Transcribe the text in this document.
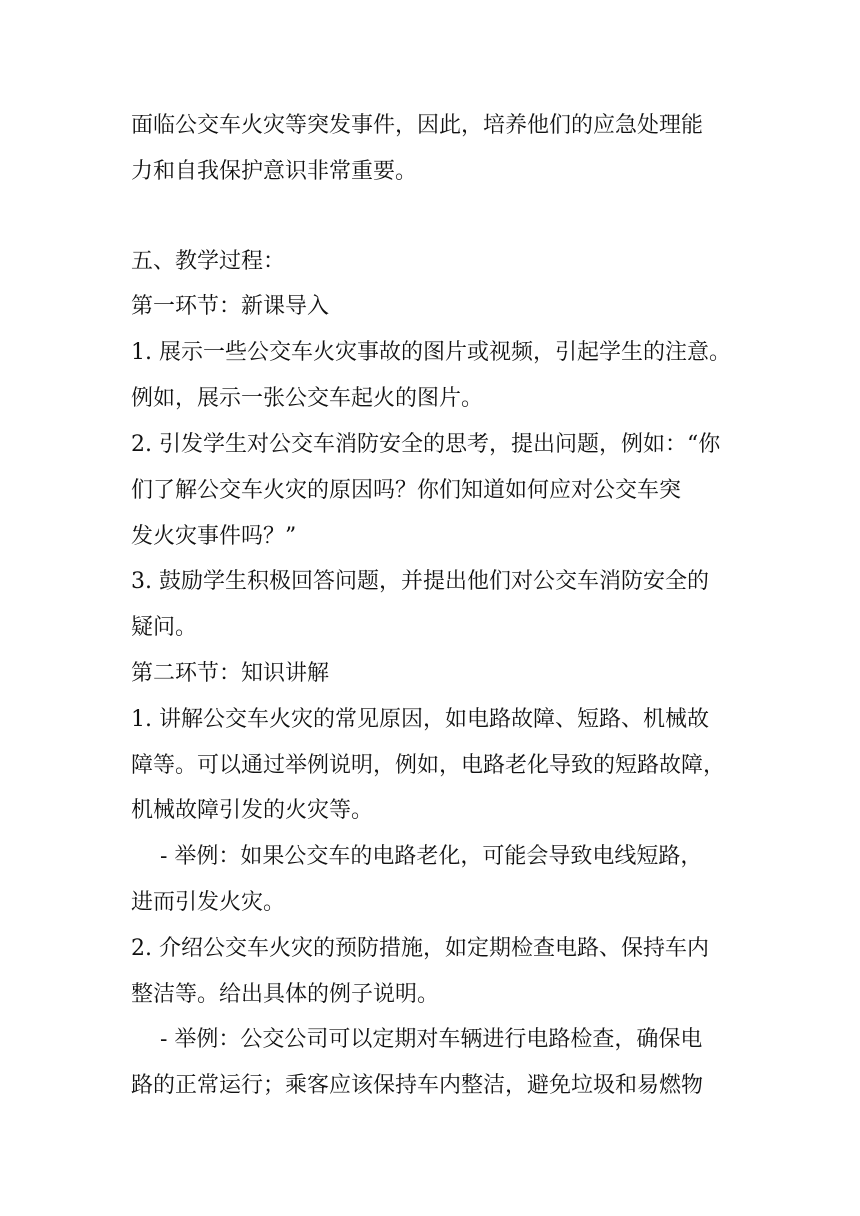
面临公交车火灾等突发事件，因此，培养他们的应急处理能
力和自我保护意识非常重要。
五、教学过程：
第一环节：新课导入
1. 展示一些公交车火灾事故的图片或视频，引起学生的注意。
例如，展示一张公交车起火的图片。
2. 引发学生对公交车消防安全的思考，提出问题，例如：“你
们了解公交车火灾的原因吗？你们知道如何应对公交车突
发火灾事件吗？”
3. 鼓励学生积极回答问题，并提出他们对公交车消防安全的
疑问。
第二环节：知识讲解
1. 讲解公交车火灾的常见原因，如电路故障、短路、机械故
障等。可以通过举例说明，例如，电路老化导致的短路故障，
机械故障引发的火灾等。
- 举例：如果公交车的电路老化，可能会导致电线短路，
进而引发火灾。
2. 介绍公交车火灾的预防措施，如定期检查电路、保持车内
整洁等。给出具体的例子说明。
- 举例：公交公司可以定期对车辆进行电路检查，确保电
路的正常运行；乘客应该保持车内整洁，避免垃圾和易燃物
